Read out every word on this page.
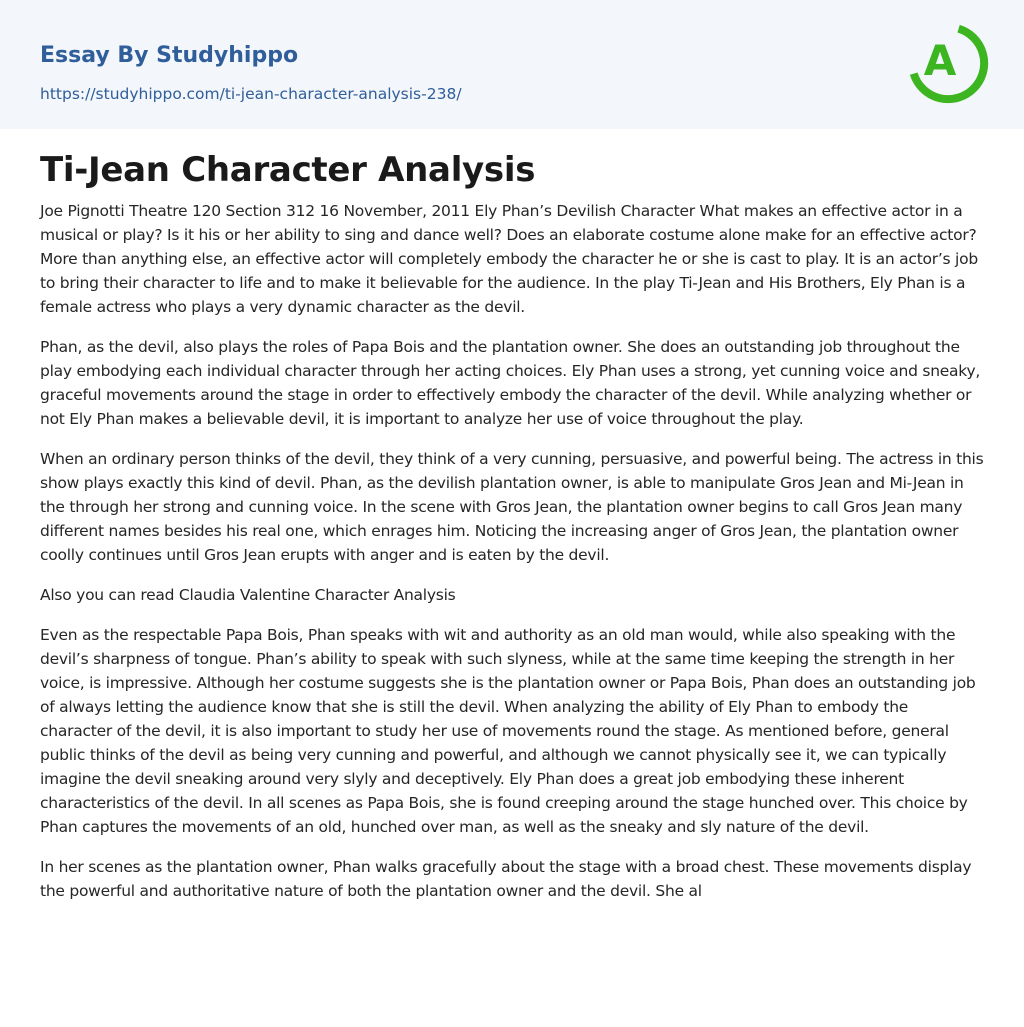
Essay By Studyhippo
https://studyhippo.com/ti-jean-character-analysis-238/
A
Ti-Jean Character Analysis

Joe Pignotti Theatre 120 Section 312 16 November, 2011 Ely Phan’s Devilish Character What makes an effective actor in a musical or play? Is it his or her ability to sing and dance well? Does an elaborate costume alone make for an effective actor? More than anything else, an effective actor will completely embody the character he or she is cast to play. It is an actor’s job to bring their character to life and to make it believable for the audience. In the play Ti-Jean and His Brothers, Ely Phan is a female actress who plays a very dynamic character as the devil.

Phan, as the devil, also plays the roles of Papa Bois and the plantation owner. She does an outstanding job throughout the play embodying each individual character through her acting choices. Ely Phan uses a strong, yet cunning voice and sneaky, graceful movements around the stage in order to effectively embody the character of the devil. While analyzing whether or not Ely Phan makes a believable devil, it is important to analyze her use of voice throughout the play.

When an ordinary person thinks of the devil, they think of a very cunning, persuasive, and powerful being. The actress in this show plays exactly this kind of devil. Phan, as the devilish plantation owner, is able to manipulate Gros Jean and Mi-Jean in the through her strong and cunning voice. In the scene with Gros Jean, the plantation owner begins to call Gros Jean many different names besides his real one, which enrages him. Noticing the increasing anger of Gros Jean, the plantation owner coolly continues until Gros Jean erupts with anger and is eaten by the devil.

Also you can read Claudia Valentine Character Analysis

Even as the respectable Papa Bois, Phan speaks with wit and authority as an old man would, while also speaking with the devil’s sharpness of tongue. Phan’s ability to speak with such slyness, while at the same time keeping the strength in her voice, is impressive. Although her costume suggests she is the plantation owner or Papa Bois, Phan does an outstanding job of always letting the audience know that she is still the devil. When analyzing the ability of Ely Phan to embody the character of the devil, it is also important to study her use of movements round the stage. As mentioned before, general public thinks of the devil as being very cunning and powerful, and although we cannot physically see it, we can typically imagine the devil sneaking around very slyly and deceptively. Ely Phan does a great job embodying these inherent characteristics of the devil. In all scenes as Papa Bois, she is found creeping around the stage hunched over. This choice by Phan captures the movements of an old, hunched over man, as well as the sneaky and sly nature of the devil.

In her scenes as the plantation owner, Phan walks gracefully about the stage with a broad chest. These movements display the powerful and authoritative nature of both the plantation owner and the devil. She al
